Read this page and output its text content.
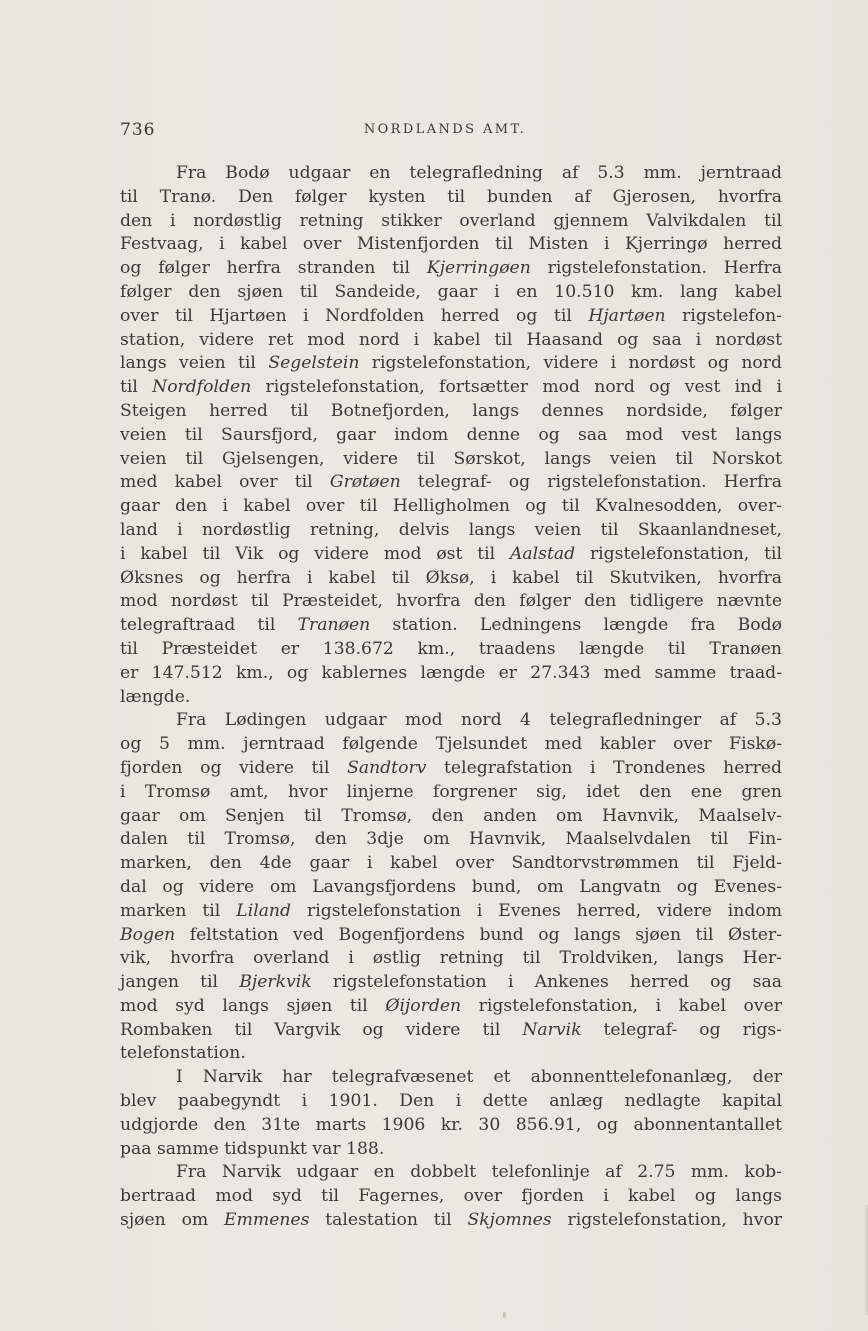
736	NORDLANDS AMT.
Fra Bodø udgaar en telegrafledning af 5.3 mm. jerntraad
til Tranø. Den følger kysten til bunden af Gjerosen, hvorfra
den i nordøstlig retning stikker overland gjennem Valvikdalen til
Festvaag, i kabel over Mistenfjorden til Misten i Kjerringø herred
og følger herfra stranden til Kjerringøen rigstelefonstation. Herfra
følger den sjøen til Sandeide, gaar i en 10.510 km. lang kabel
over til Hjartøen i Nordfolden herred og til Hjartøen rigstelefon-
station, videre ret mod nord i kabel til Haasand og saa i nordøst
langs veien til Segelstein rigstelefonstation, videre i nordøst og nord
til Nordfolden rigstelefonstation, fortsætter mod nord og vest ind i
Steigen herred til Botnefjorden, langs dennes nordside, følger
veien til Saursfjord, gaar indom denne og saa mod vest langs
veien til Gjelsengen, videre til Sørskot, langs veien til Norskot
med kabel over til Grøtøen telegraf- og rigstelefonstation. Herfra
gaar den i kabel over til Helligholmen og til Kvalnesodden, over-
land i nordøstlig retning, delvis langs veien til Skaanlandneset,
i kabel til Vik og videre mod øst til Aalstad rigstelefonstation, til
Øksnes og herfra i kabel til Øksø, i kabel til Skutviken, hvorfra
mod nordøst til Præsteidet, hvorfra den følger den tidligere nævnte
telegraftraad til Tranøen station. Ledningens længde fra Bodø
til Præsteidet er 138.672 km., traadens længde til Tranøen
er 147.512 km., og kablernes længde er 27.343 med samme traad-
længde.
Fra Lødingen udgaar mod nord 4 telegrafledninger af 5.3
og 5 mm. jerntraad følgende Tjelsundet med kabler over Fiskø-
fjorden og videre til Sandtorv telegrafstation i Trondenes herred
i Tromsø amt, hvor linjerne forgrener sig, idet den ene gren
gaar om Senjen til Tromsø, den anden om Havnvik, Maalselv-
dalen til Tromsø, den 3dje om Havnvik, Maalselvdalen til Fin-
marken, den 4de gaar i kabel over Sandtorvstrømmen til Fjeld-
dal og videre om Lavangsfjordens bund, om Langvatn og Evenes-
marken til Liland rigstelefonstation i Evenes herred, videre indom
Bogen feltstation ved Bogenfjordens bund og langs sjøen til Øster-
vik, hvorfra overland i østlig retning til Troldviken, langs Her-
jangen til Bjerkvik rigstelefonstation i Ankenes herred og saa
mod syd langs sjøen til Øijorden rigstelefonstation, i kabel over
Rombaken til Vargvik og videre til Narvik telegraf- og rigs-
telefonstation.
I Narvik har telegrafvæsenet et abonnenttelefonanlæg, der
blev paabegyndt i 1901. Den i dette anlæg nedlagte kapital
udgjorde den 31te marts 1906 kr. 30 856.91, og abonnentantallet
paa samme tidspunkt var 188.
Fra Narvik udgaar en dobbelt telefonlinje af 2.75 mm. kob-
bertraad mod syd til Fagernes, over fjorden i kabel og langs
sjøen om Emmenes talestation til Skjomnes rigstelefonstation, hvor
